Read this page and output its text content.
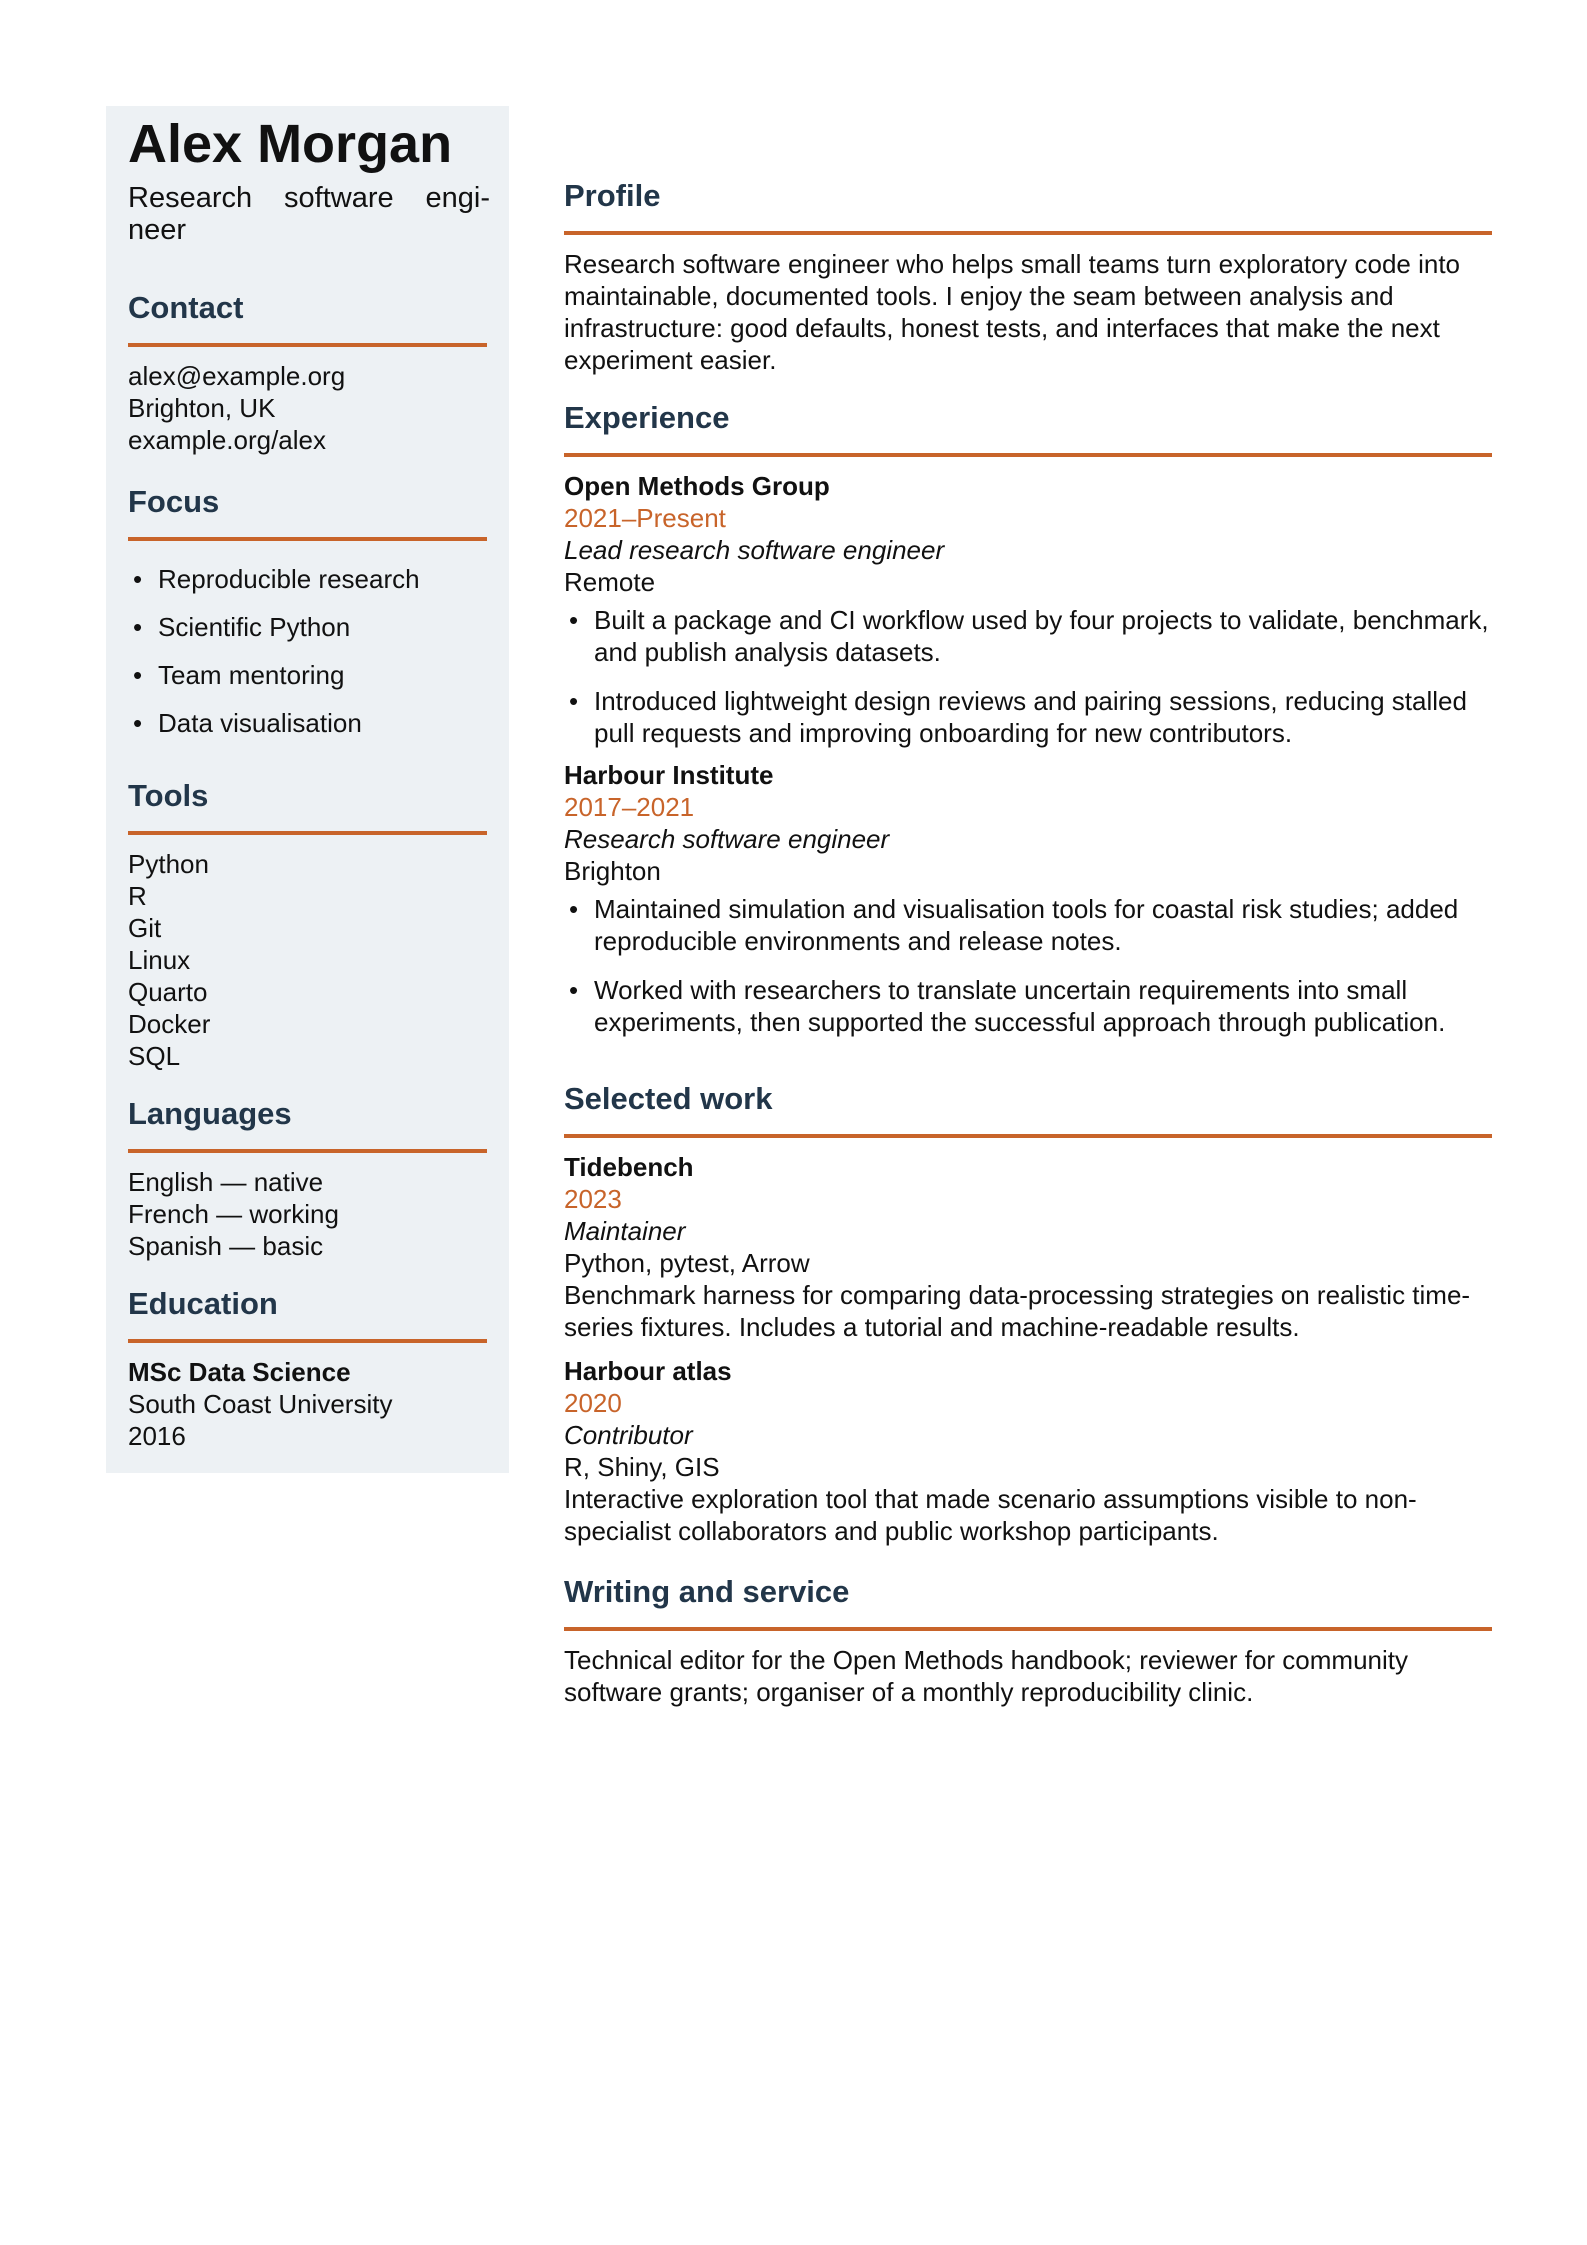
Alex Morgan

Research software engi-neer

Contact
alex@example.org
Brighton, UK
example.org/alex
Focus
• Reproducible research
• Scientific Python
• Team mentoring
• Data visualisation
Tools
Python
R
Git
Linux
Quarto
Docker
SQL
Languages
English — native
French — working
Spanish — basic
Education
MSc Data Science
South Coast University
2016
Profile
Research software engineer who helps small teams turn exploratory code into maintainable, documented tools. I enjoy the seam between analysis and infrastructure: good defaults, honest tests, and interfaces that make the next experiment easier.
Experience
Open Methods Group
2021–Present
Lead research software engineer
Remote
• Built a package and CI workflow used by four projects to validate, benchmark, and publish analysis datasets.
• Introduced lightweight design reviews and pairing sessions, reducing stalled pull requests and improving onboarding for new contributors.
Harbour Institute
2017–2021
Research software engineer
Brighton
• Maintained simulation and visualisation tools for coastal risk studies; added reproducible environments and release notes.
• Worked with researchers to translate uncertain requirements into small experiments, then supported the successful approach through publication.
Selected work
Tidebench
2023
Maintainer
Python, pytest, Arrow
Benchmark harness for comparing data-processing strategies on realistic time-series fixtures. Includes a tutorial and machine-readable results.
Harbour atlas
2020
Contributor
R, Shiny, GIS
Interactive exploration tool that made scenario assumptions visible to non-specialist collaborators and public workshop participants.
Writing and service
Technical editor for the Open Methods handbook; reviewer for community software grants; organiser of a monthly reproducibility clinic.
